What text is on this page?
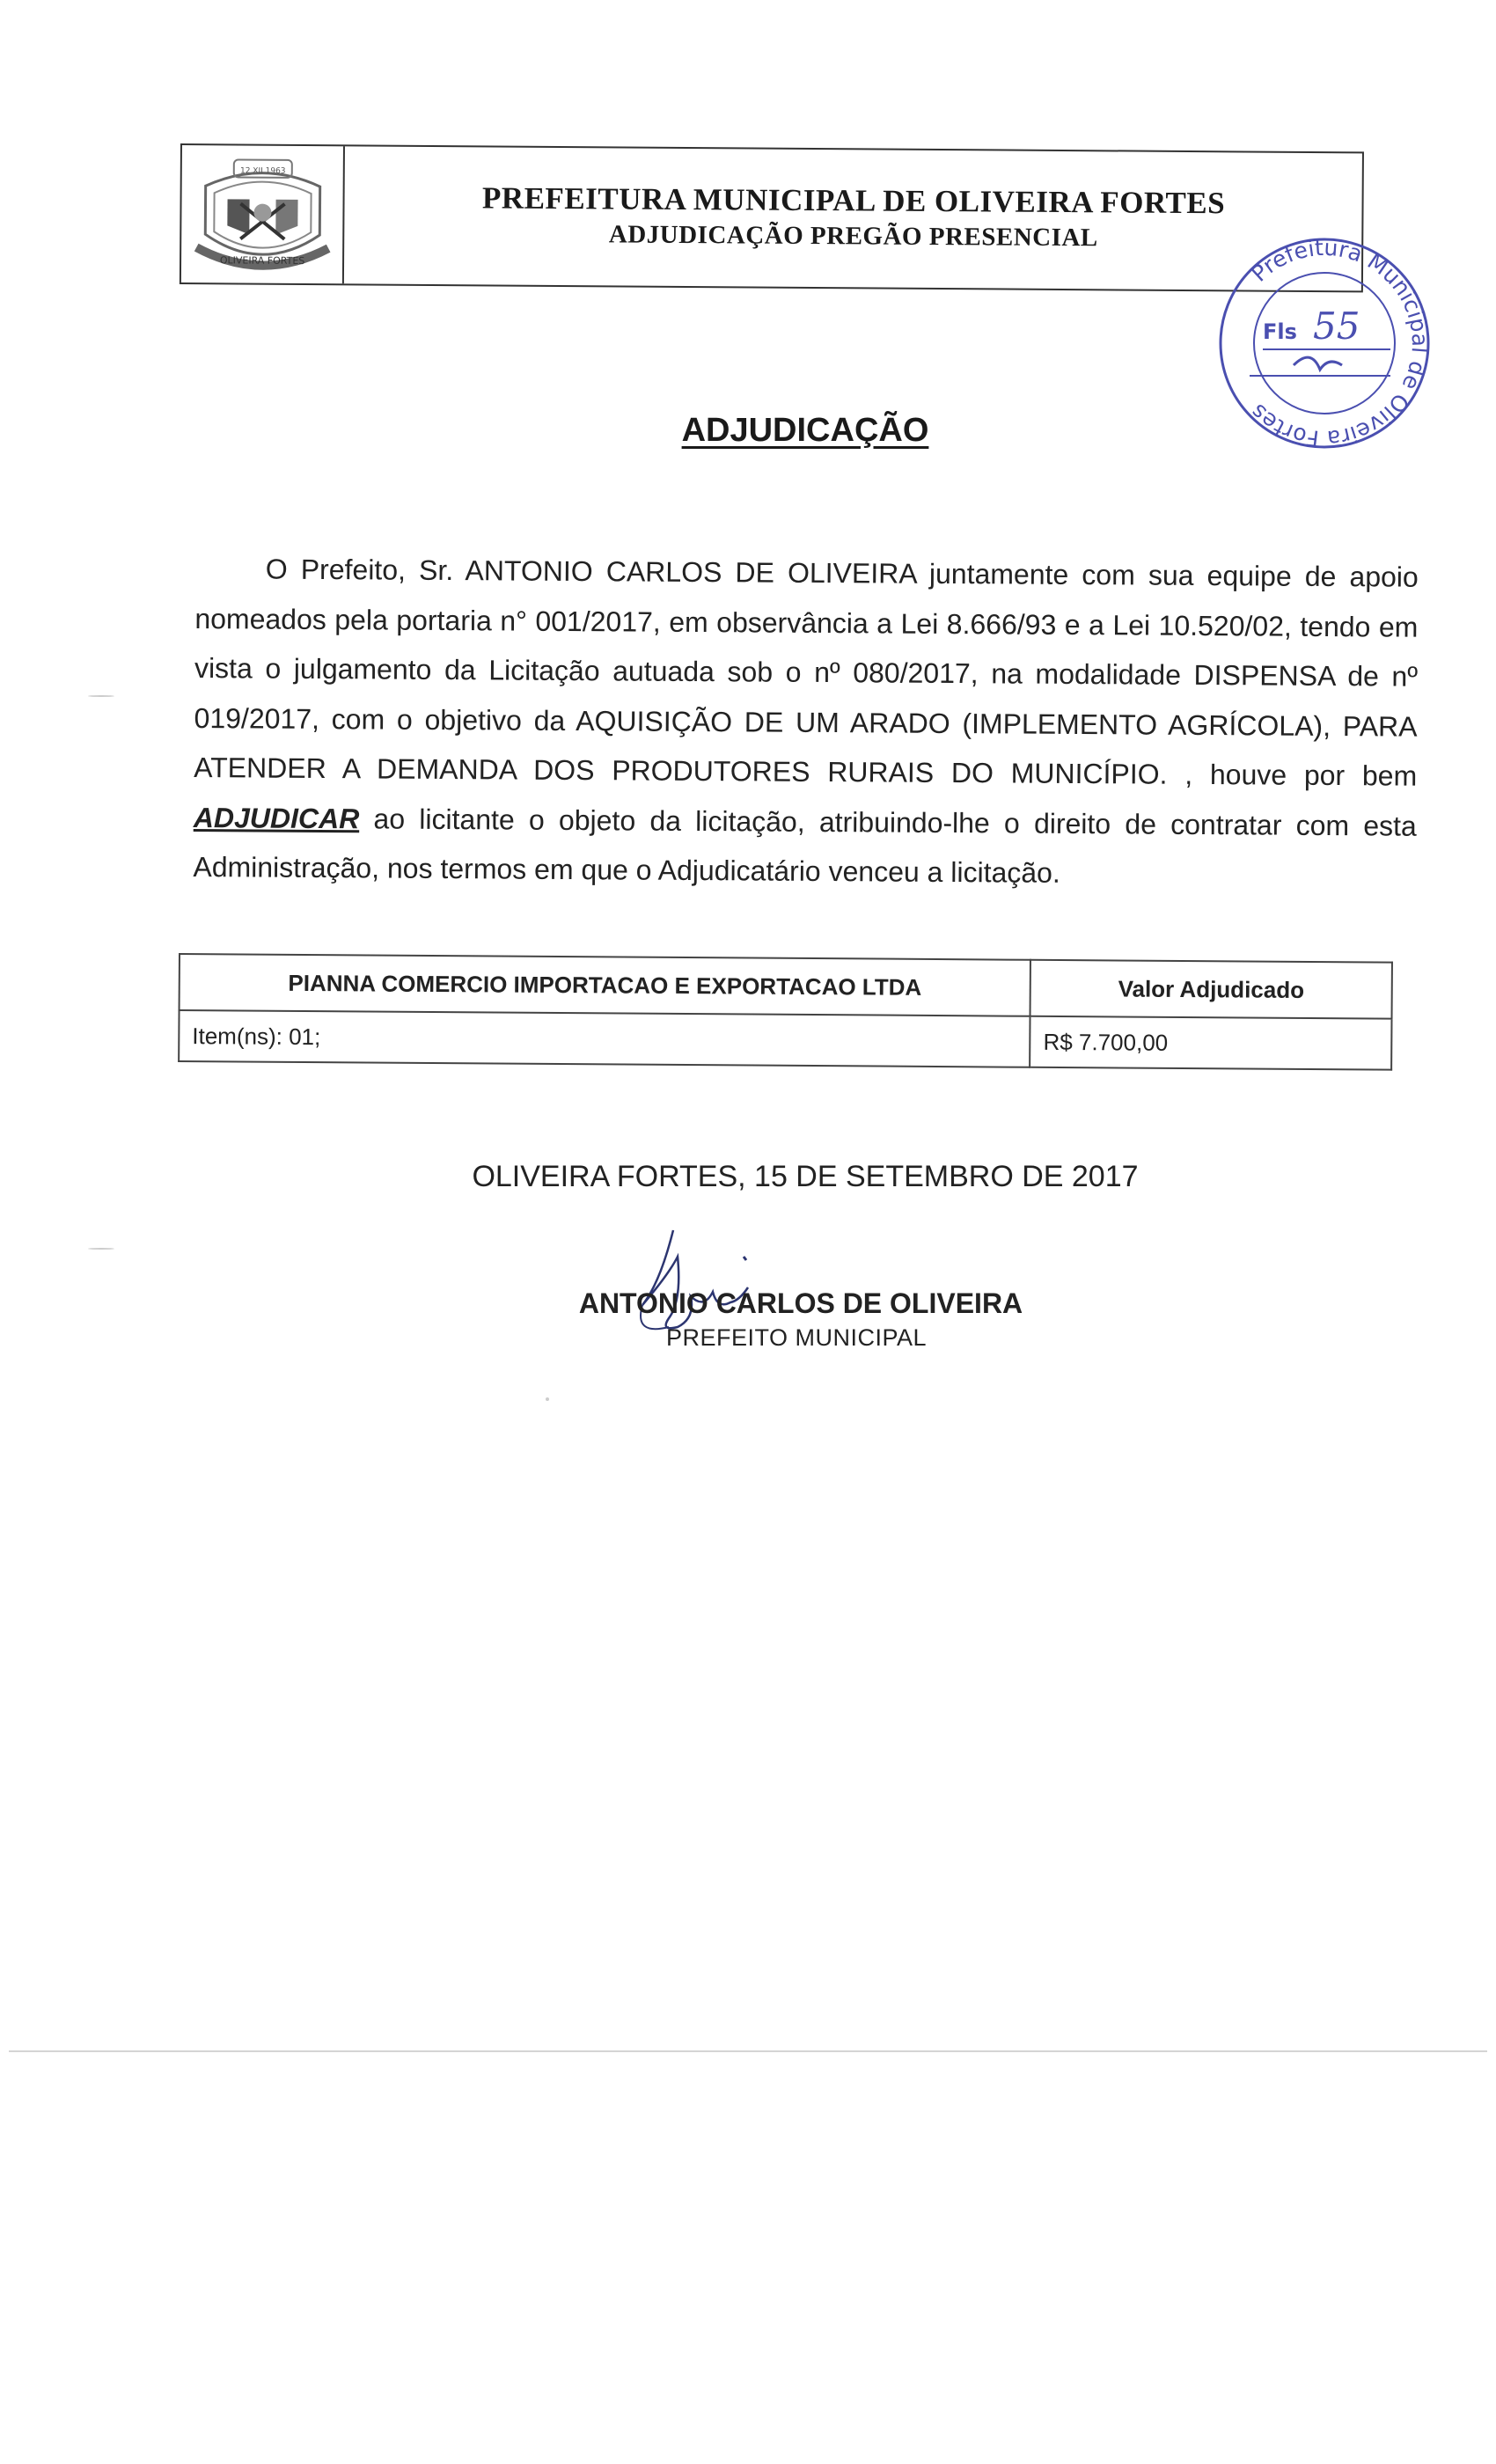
12 XII 1963
OLIVEIRA FORTES
PREFEITURA MUNICIPAL DE OLIVEIRA FORTES
ADJUDICAÇÃO PREGÃO PRESENCIAL
Prefeitura Municipal de Oliveira Fortes
Fls 55
ADJUDICAÇÃO
O Prefeito, Sr. ANTONIO CARLOS DE OLIVEIRA juntamente com sua equipe de apoio nomeados pela portaria n° 001/2017, em observância a Lei 8.666/93 e a Lei 10.520/02, tendo em vista o julgamento da Licitação autuada sob o nº 080/2017, na modalidade DISPENSA de nº 019/2017, com o objetivo da AQUISIÇÃO DE UM ARADO (IMPLEMENTO AGRÍCOLA), PARA ATENDER A DEMANDA DOS PRODUTORES RURAIS DO MUNICÍPIO. , houve por bem ADJUDICAR ao licitante o objeto da licitação, atribuindo-lhe o direito de contratar com esta Administração, nos termos em que o Adjudicatário venceu a licitação.
PIANNA COMERCIO IMPORTACAO E EXPORTACAO LTDA	Valor Adjudicado
Item(ns): 01;	R$ 7.700,00
OLIVEIRA FORTES, 15 DE SETEMBRO DE 2017
ANTONIO CARLOS DE OLIVEIRA
PREFEITO MUNICIPAL
